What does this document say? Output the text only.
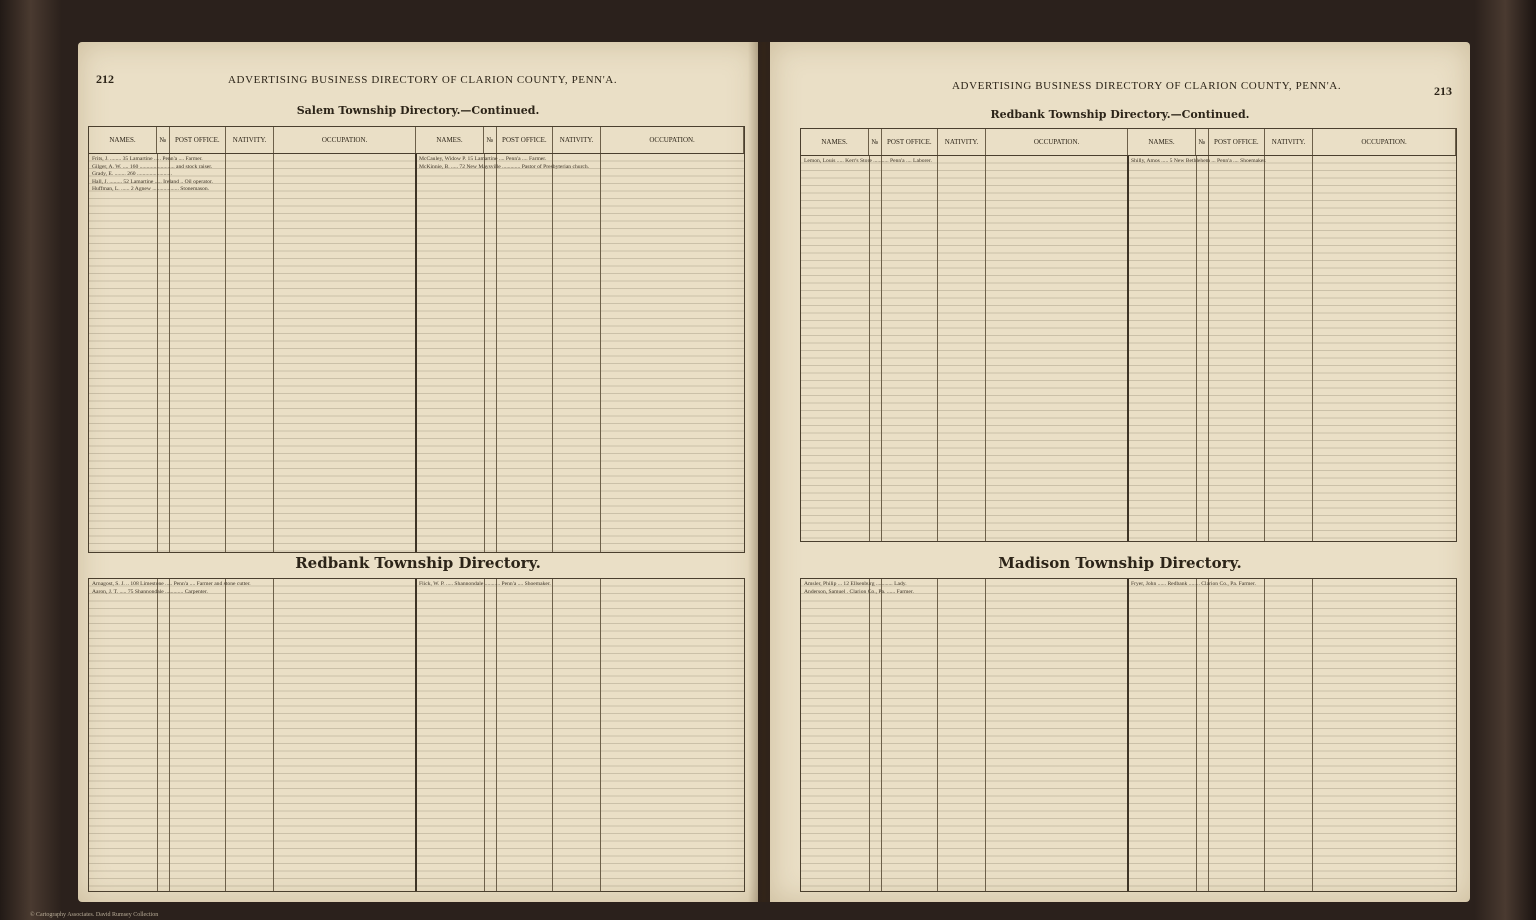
212	ADVERTISING BUSINESS DIRECTORY OF CLARION COUNTY, PENN'A.
Salem Township Directory.—Continued.
NAMES.	№	POST OFFICE.	NATIVITY.	OCCUPATION.	NAMES.	№	POST OFFICE.	NATIVITY.	OCCUPATION.
Frits, J. ........ 35 Lamartine ..... Penn'a .... Farmer.
Gilger, A. W. .... 160 ......................... and stock raiser.
Grady, E. ........ 260 .........................
Hall, J. ......... 52 Lamartine ..... Ireland .. Oil operator.
Huffman, L. ...... 2 Agnew ................... Stonemason.
McCauley, Widow P. 15 Lamartine .... Penn'a .... Farmer.
McKinnie, B. ..... 72 New Maysville ............. Pastor of Presbyterian church.
Redbank Township Directory.
Arnagost, S. J. .. 108 Limestone ..... Penn'a .... Farmer and stone cutter.
Aaron, J. T. ..... 75 Shannondale ............. Carpenter.
Flick, W. P. ..... Shannondale ........... Penn'a .... Shoemaker.
ADVERTISING BUSINESS DIRECTORY OF CLARION COUNTY, PENN'A.	213
Redbank Township Directory.—Continued.
NAMES.	№	POST OFFICE.	NATIVITY.	OCCUPATION.	NAMES.	№	POST OFFICE.	NATIVITY.	OCCUPATION.
Lemon, Louis ..... Kerr's Store ........... Penn'a .... Laborer.	Shilly, Amos ..... 5 New Bethlehem ... Penn'a .... Shoemaker.
Madison Township Directory.
Amsler, Philip ... 12 Ellsenburg ............ Lady.
Anderson, Samuel . Clarion Co., Pa. ...... Farmer.
Fryer, John ...... Redbank ........ Clarion Co., Pa. Farmer.
© Cartography Associates. David Rumsey Collection
